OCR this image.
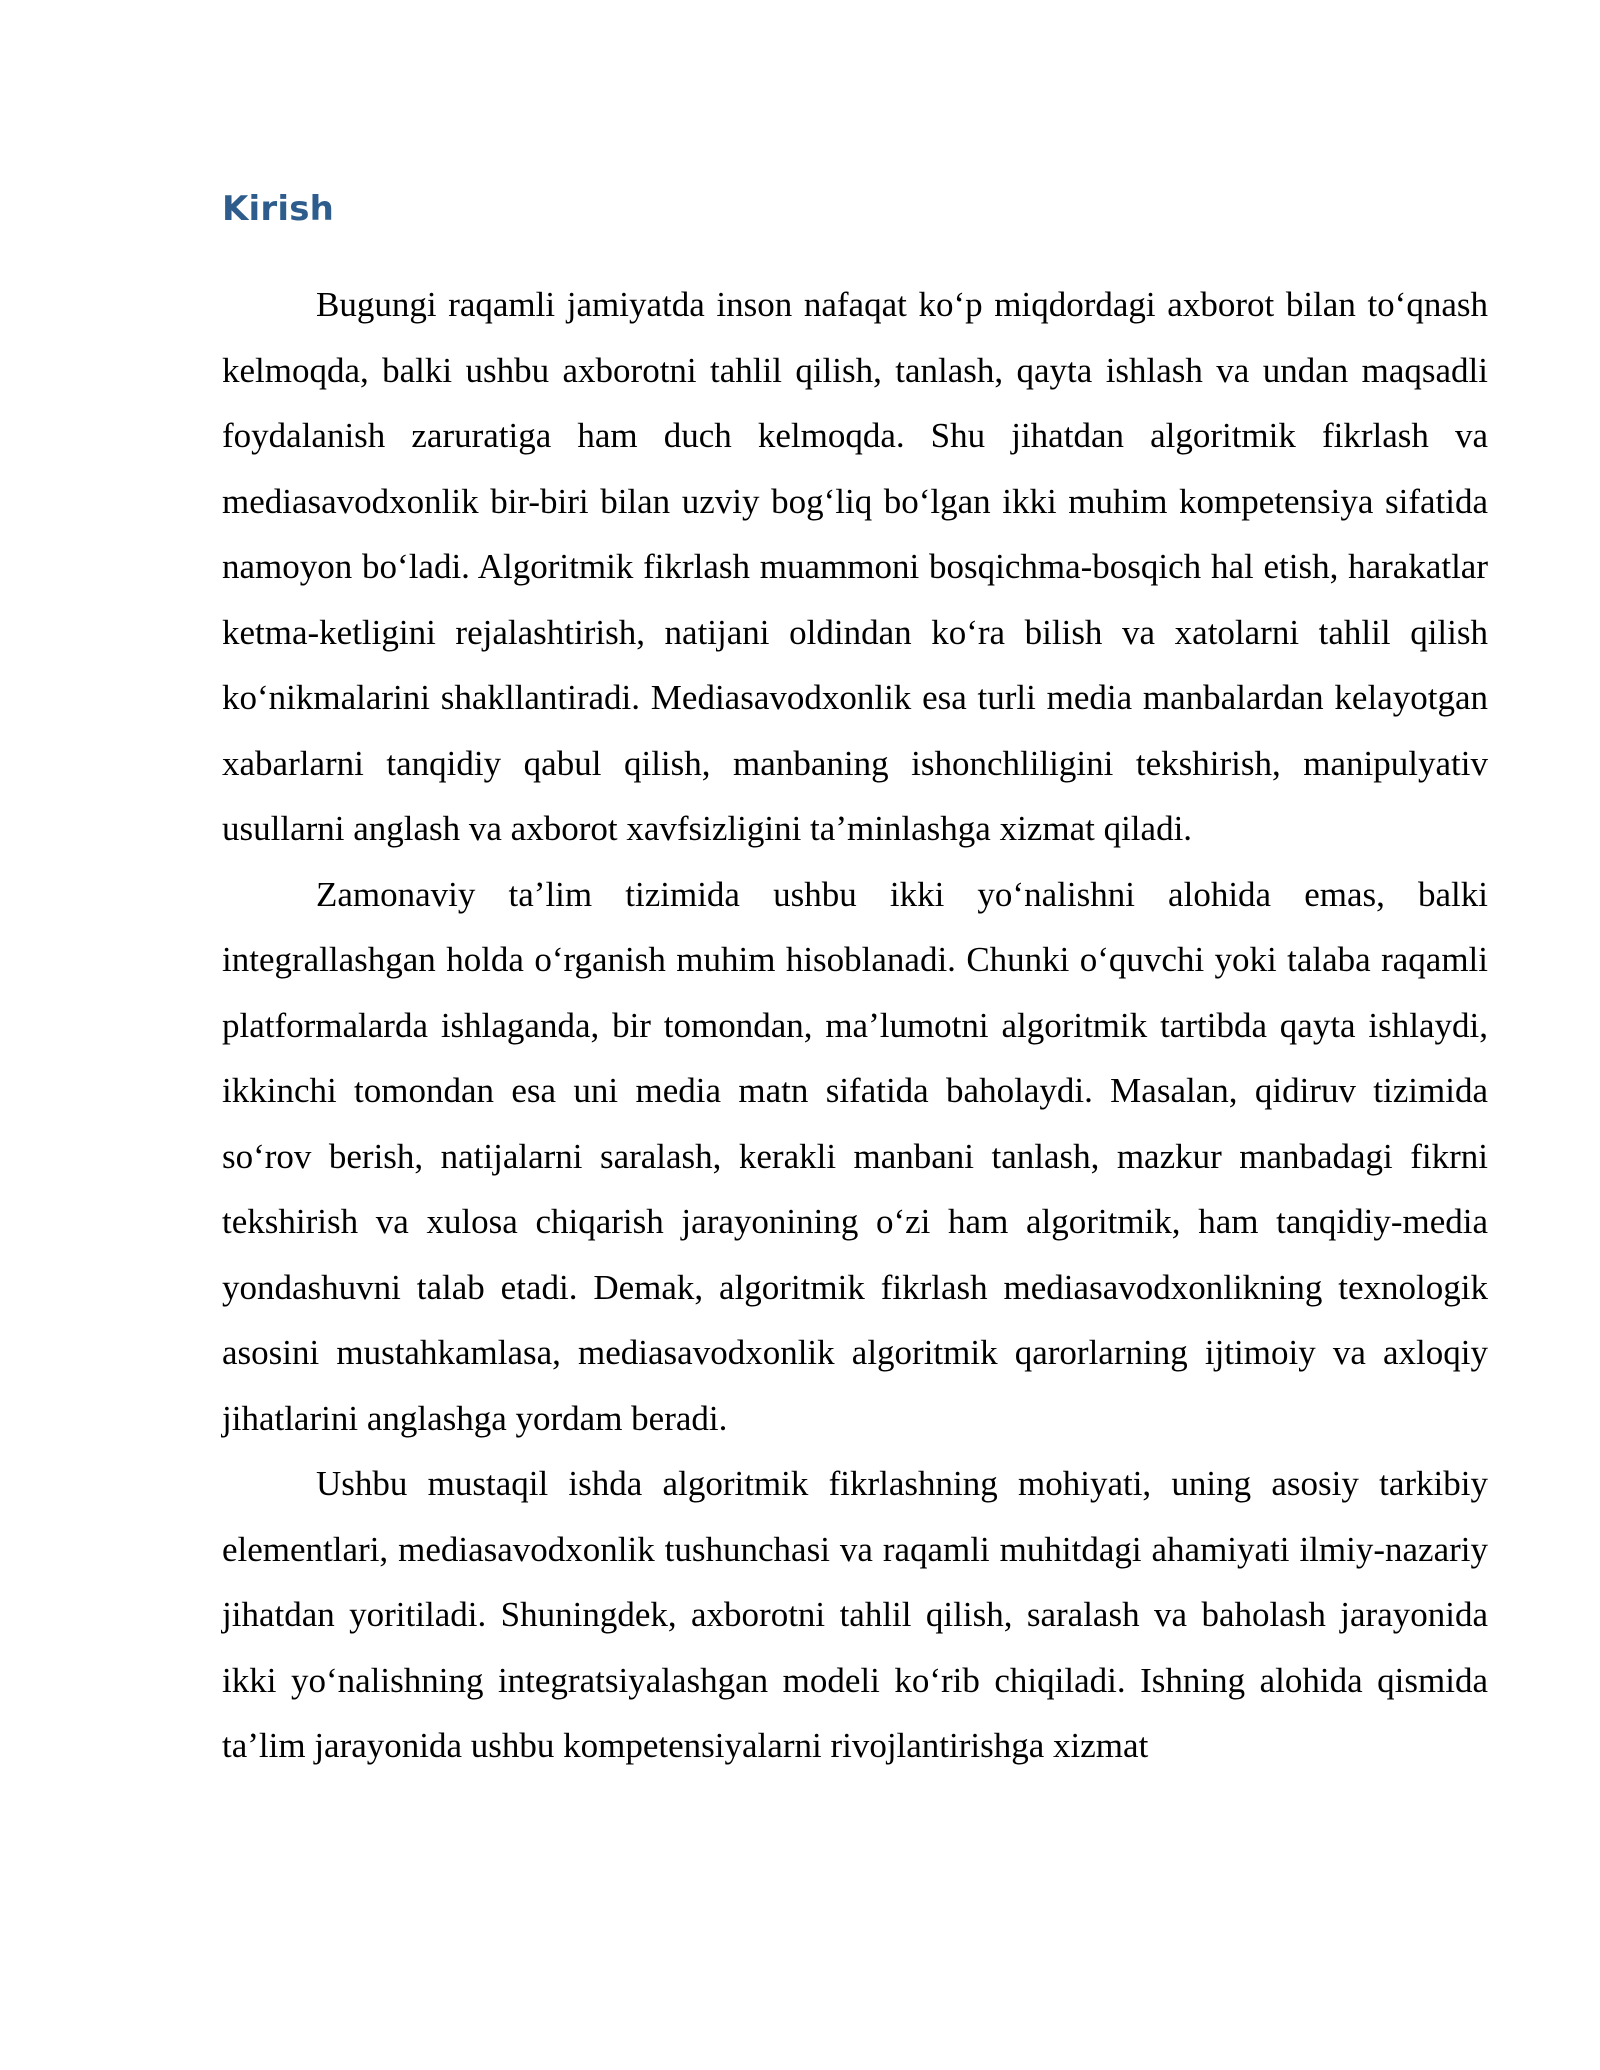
Kirish

Bugungi raqamli jamiyatda inson nafaqat koʻp miqdordagi axborot bilan toʻqnash kelmoqda, balki ushbu axborotni tahlil qilish, tanlash, qayta ishlash va undan maqsadli foydalanish zaruratiga ham duch kelmoqda. Shu jihatdan algoritmik fikrlash va mediasavodxonlik bir-biri bilan uzviy bogʻliq boʻlgan ikki muhim kompetensiya sifatida namoyon boʻladi. Algoritmik fikrlash muammoni bosqichma-bosqich hal etish, harakatlar ketma-ketligini rejalashtirish, natijani oldindan koʻra bilish va xatolarni tahlil qilish koʻnikmalarini shakllantiradi. Mediasavodxonlik esa turli media manbalardan kelayotgan xabarlarni tanqidiy qabul qilish, manbaning ishonchliligini tekshirish, manipulyativ usullarni anglash va axborot xavfsizligini taʼminlashga xizmat qiladi.

Zamonaviy taʼlim tizimida ushbu ikki yoʻnalishni alohida emas, balki integrallashgan holda oʻrganish muhim hisoblanadi. Chunki oʻquvchi yoki talaba raqamli platformalarda ishlaganda, bir tomondan, maʼlumotni algoritmik tartibda qayta ishlaydi, ikkinchi tomondan esa uni media matn sifatida baholaydi. Masalan, qidiruv tizimida soʻrov berish, natijalarni saralash, kerakli manbani tanlash, mazkur manbadagi fikrni tekshirish va xulosa chiqarish jarayonining oʻzi ham algoritmik, ham tanqidiy-media yondashuvni talab etadi. Demak, algoritmik fikrlash mediasavodxonlikning texnologik asosini mustahkamlasa, mediasavodxonlik algoritmik qarorlarning ijtimoiy va axloqiy jihatlarini anglashga yordam beradi.

Ushbu mustaqil ishda algoritmik fikrlashning mohiyati, uning asosiy tarkibiy elementlari, mediasavodxonlik tushunchasi va raqamli muhitdagi ahamiyati ilmiy-nazariy jihatdan yoritiladi. Shuningdek, axborotni tahlil qilish, saralash va baholash jarayonida ikki yoʻnalishning integratsiyalashgan modeli koʻrib chiqiladi. Ishning alohida qismida taʼlim jarayonida ushbu kompetensiyalarni rivojlantirishga xizmat
